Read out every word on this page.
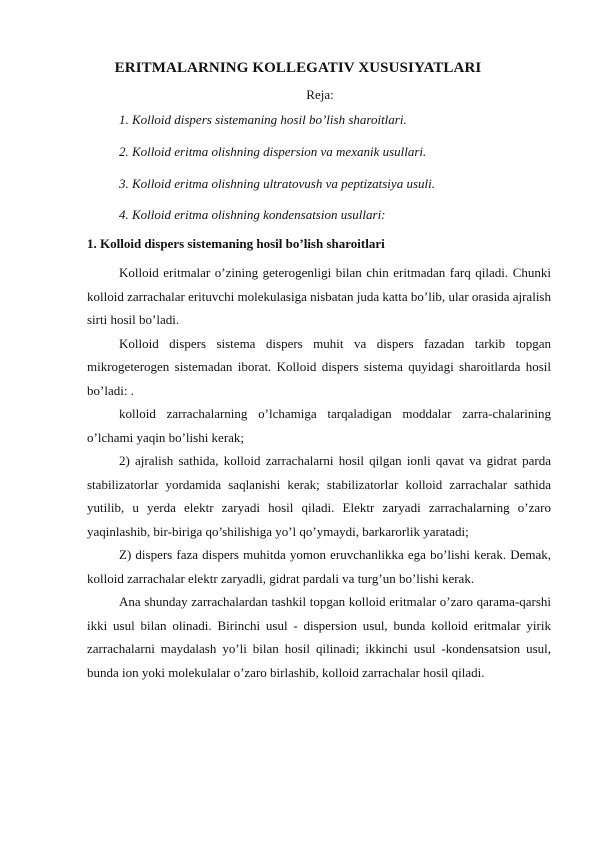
ERITMALARNING KOLLEGATIV XUSUSIYATLARI
Reja:
1. Kolloid dispers sistemaning hosil bo’lish sharoitlari.
2. Kolloid eritma olishning dispersion va mexanik usullari.
3. Kolloid eritma olishning ultratovush va peptizatsiya usuli.
4. Kolloid eritma olishning kondensatsion usullari:
1. Kolloid dispers sistemaning hosil bo’lish sharoitlari

Kolloid eritmalar o’zining geterogenligi bilan chin eritmadan farq qiladi. Chunki kolloid zarrachalar erituvchi molekulasiga nisbatan juda katta bo’lib, ular orasida ajralish sirti hosil bo’ladi.

Kolloid dispers sistema dispers muhit va dispers fazadan tarkib topgan mikrogeterogen sistemadan iborat. Kolloid dispers sistema quyidagi sharoitlarda hosil bo’ladi: .

kolloid zarrachalarning o’lchamiga tarqaladigan moddalar zarra-chalarining o’lchami yaqin bo’lishi kerak;

2) ajralish sathida, kolloid zarrachalarni hosil qilgan ionli qavat va gidrat parda stabilizatorlar yordamida saqlanishi kerak; stabilizatorlar kolloid zarrachalar sathida yutilib, u yerda elektr zaryadi hosil qiladi. Elektr zaryadi zarrachalarning o’zaro yaqinlashib, bir-biriga qo’shilishiga yo’l qo’ymaydi, barkarorlik yaratadi;

Z) dispers faza dispers muhitda yomon eruvchanlikka ega bo’lishi kerak. Demak, kolloid zarrachalar elektr zaryadli, gidrat pardali va turg’un bo’lishi kerak.

Ana shunday zarrachalardan tashkil topgan kolloid eritmalar o’zaro qarama-qarshi ikki usul bilan olinadi. Birinchi usul - dispersion usul, bunda kolloid eritmalar yirik zarrachalarni maydalash yo’li bilan hosil qilinadi; ikkinchi usul -kondensatsion usul, bunda ion yoki molekulalar o’zaro birlashib, kolloid zarrachalar hosil qiladi.
